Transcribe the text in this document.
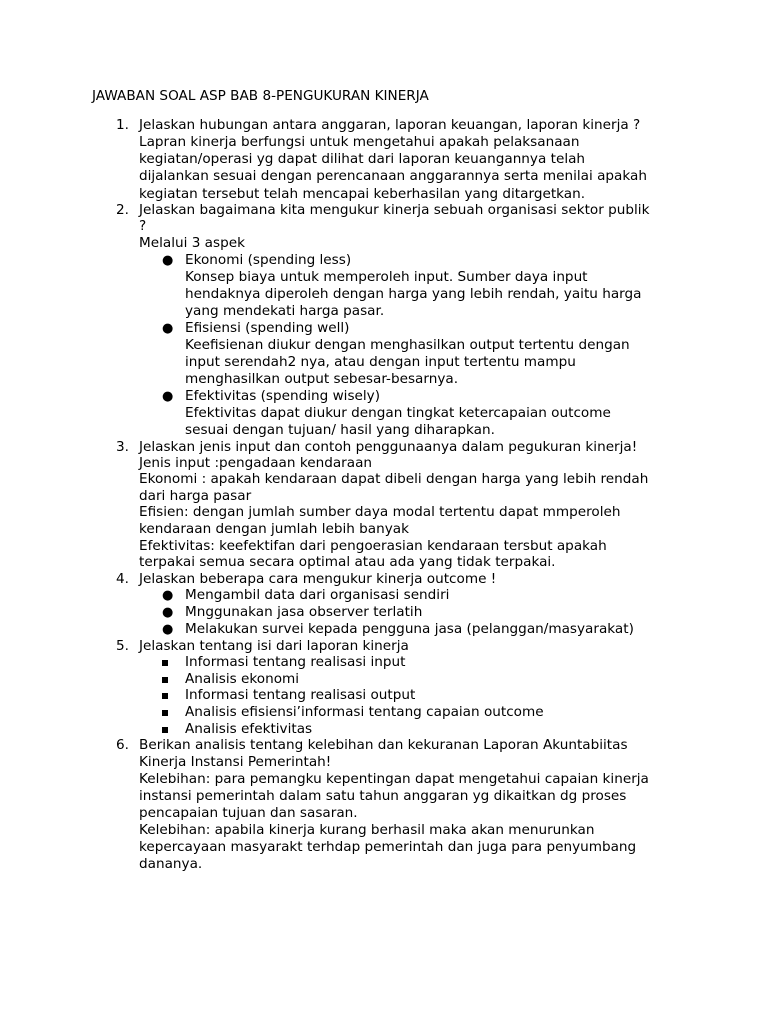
JAWABAN SOAL ASP BAB 8-PENGUKURAN KINERJA
1. Jelaskan hubungan antara anggaran, laporan keuangan, laporan kinerja ?
Lapran kinerja berfungsi untuk mengetahui apakah pelaksanaan
kegiatan/operasi yg dapat dilihat dari laporan keuangannya telah
dijalankan sesuai dengan perencanaan anggarannya serta menilai apakah
kegiatan tersebut telah mencapai keberhasilan yang ditargetkan.
2. Jelaskan bagaimana kita mengukur kinerja sebuah organisasi sektor publik
?
Melalui 3 aspek
● Ekonomi (spending less)
Konsep biaya untuk memperoleh input. Sumber daya input
hendaknya diperoleh dengan harga yang lebih rendah, yaitu harga
yang mendekati harga pasar.
● Efisiensi (spending well)
Keefisienan diukur dengan menghasilkan output tertentu dengan
input serendah2 nya, atau dengan input tertentu mampu
menghasilkan output sebesar-besarnya.
● Efektivitas (spending wisely)
Efektivitas dapat diukur dengan tingkat ketercapaian outcome
sesuai dengan tujuan/ hasil yang diharapkan.
3. Jelaskan jenis input dan contoh penggunaanya dalam pegukuran kinerja!
Jenis input :pengadaan kendaraan
Ekonomi : apakah kendaraan dapat dibeli dengan harga yang lebih rendah
dari harga pasar
Efisien: dengan jumlah sumber daya modal tertentu dapat mmperoleh
kendaraan dengan jumlah lebih banyak
Efektivitas: keefektifan dari pengoerasian kendaraan tersbut apakah
terpakai semua secara optimal atau ada yang tidak terpakai.
4. Jelaskan beberapa cara mengukur kinerja outcome !
● Mengambil data dari organisasi sendiri
● Mnggunakan jasa observer terlatih
● Melakukan survei kepada pengguna jasa (pelanggan/masyarakat)
5. Jelaskan tentang isi dari laporan kinerja
Informasi tentang realisasi input
Analisis ekonomi
Informasi tentang realisasi output
Analisis efisiensi’informasi tentang capaian outcome
Analisis efektivitas
6. Berikan analisis tentang kelebihan dan kekuranan Laporan Akuntabiitas
Kinerja Instansi Pemerintah!
Kelebihan: para pemangku kepentingan dapat mengetahui capaian kinerja
instansi pemerintah dalam satu tahun anggaran yg dikaitkan dg proses
pencapaian tujuan dan sasaran.
Kelebihan: apabila kinerja kurang berhasil maka akan menurunkan
kepercayaan masyarakt terhdap pemerintah dan juga para penyumbang
dananya.
